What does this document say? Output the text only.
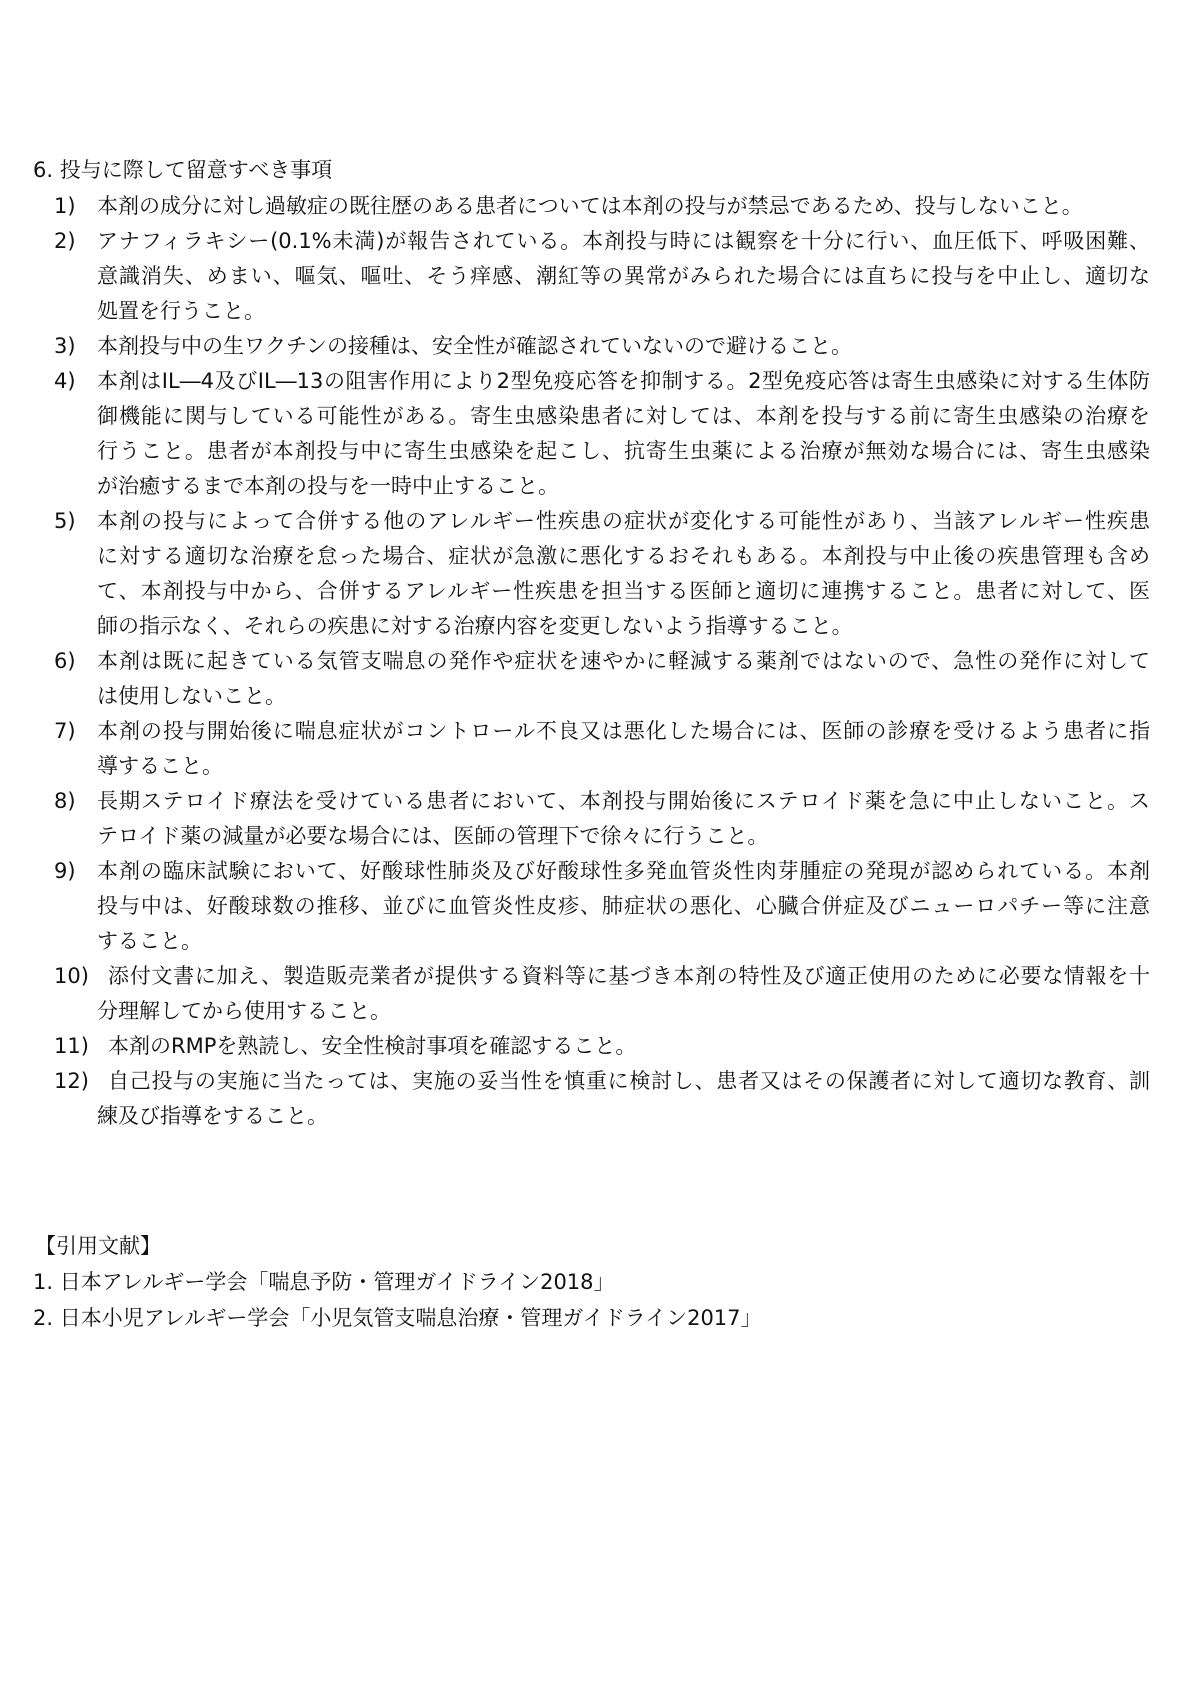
6. 投与に際して留意すべき事項
1) 本剤の成分に対し過敏症の既往歴のある患者については本剤の投与が禁忌であるため、投与しないこと。
2) アナフィラキシー(0.1%未満)が報告されている。本剤投与時には観察を十分に行い、血圧低下、呼吸困難、
意識消失、めまい、嘔気、嘔吐、そう痒感、潮紅等の異常がみられた場合には直ちに投与を中止し、適切な
処置を行うこと。
3) 本剤投与中の生ワクチンの接種は、安全性が確認されていないので避けること。
4) 本剤はIL―4及びIL―13の阻害作用により2型免疫応答を抑制する。2型免疫応答は寄生虫感染に対する生体防
御機能に関与している可能性がある。寄生虫感染患者に対しては、本剤を投与する前に寄生虫感染の治療を
行うこと。患者が本剤投与中に寄生虫感染を起こし、抗寄生虫薬による治療が無効な場合には、寄生虫感染
が治癒するまで本剤の投与を一時中止すること。
5) 本剤の投与によって合併する他のアレルギー性疾患の症状が変化する可能性があり、当該アレルギー性疾患
に対する適切な治療を怠った場合、症状が急激に悪化するおそれもある。本剤投与中止後の疾患管理も含め
て、本剤投与中から、合併するアレルギー性疾患を担当する医師と適切に連携すること。患者に対して、医
師の指示なく、それらの疾患に対する治療内容を変更しないよう指導すること。
6) 本剤は既に起きている気管支喘息の発作や症状を速やかに軽減する薬剤ではないので、急性の発作に対して
は使用しないこと。
7) 本剤の投与開始後に喘息症状がコントロール不良又は悪化した場合には、医師の診療を受けるよう患者に指
導すること。
8) 長期ステロイド療法を受けている患者において、本剤投与開始後にステロイド薬を急に中止しないこと。ス
テロイド薬の減量が必要な場合には、医師の管理下で徐々に行うこと。
9) 本剤の臨床試験において、好酸球性肺炎及び好酸球性多発血管炎性肉芽腫症の発現が認められている。本剤
投与中は、好酸球数の推移、並びに血管炎性皮疹、肺症状の悪化、心臓合併症及びニューロパチー等に注意
すること。
10) 添付文書に加え、製造販売業者が提供する資料等に基づき本剤の特性及び適正使用のために必要な情報を十
分理解してから使用すること。
11) 本剤のRMPを熟読し、安全性検討事項を確認すること。
12) 自己投与の実施に当たっては、実施の妥当性を慎重に検討し、患者又はその保護者に対して適切な教育、訓
練及び指導をすること。
【引用文献】
1. 日本アレルギー学会「喘息予防・管理ガイドライン2018」
2. 日本小児アレルギー学会「小児気管支喘息治療・管理ガイドライン2017」
